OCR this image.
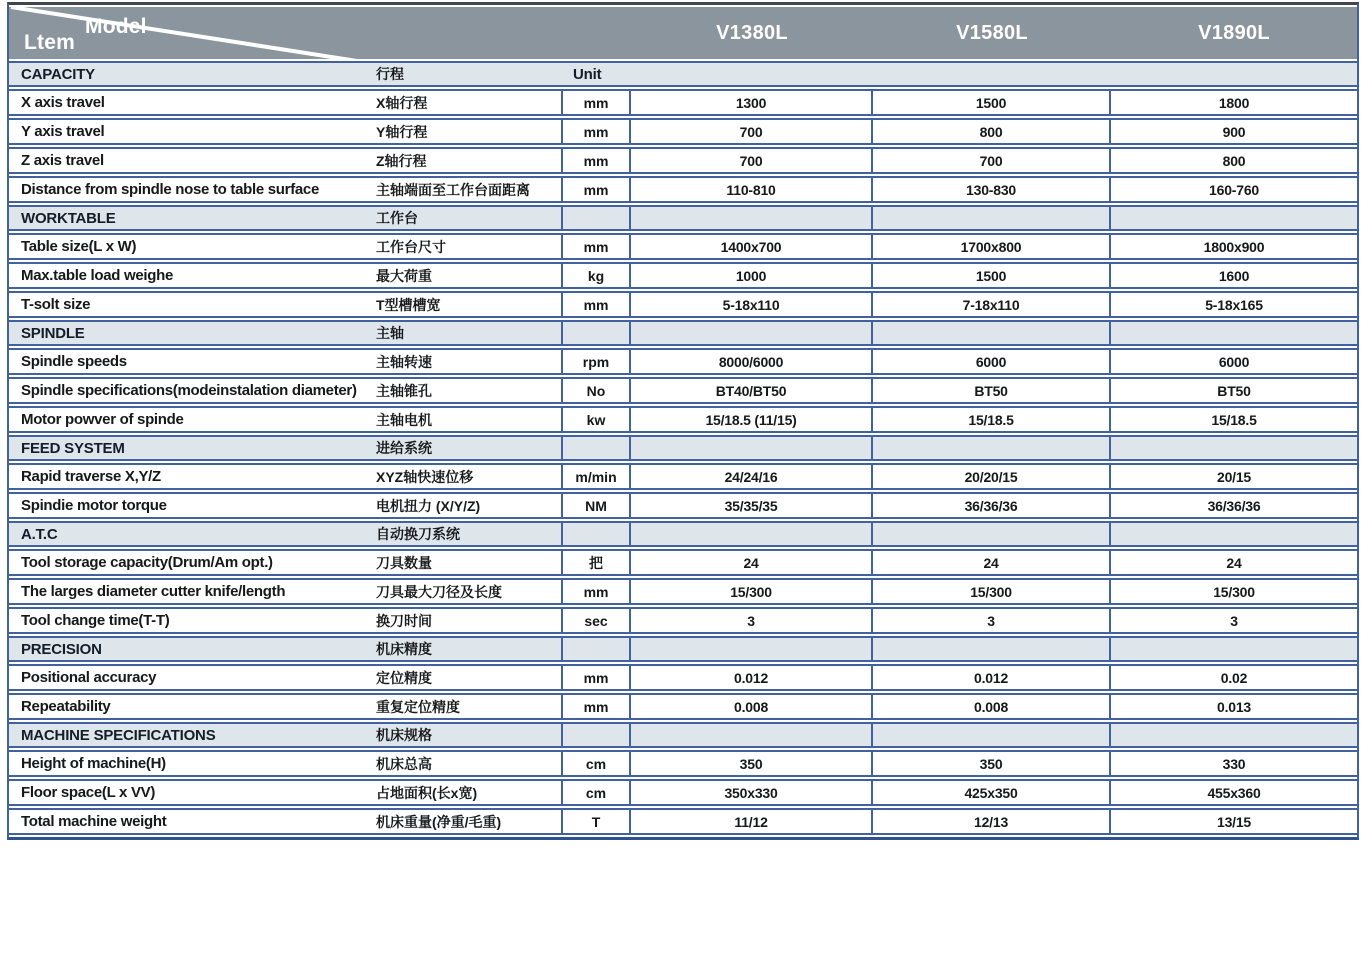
Model
Ltem			V1380L	V1580L	V1890L
CAPACITY	行程	Unit			
X axis travel	X轴行程	mm	1300	1500	1800
Y axis travel	Y轴行程	mm	700	800	900
Z axis travel	Z轴行程	mm	700	700	800
Distance from spindle nose to table surface	主轴端面至工作台面距离	mm	110-810	130-830	160-760
WORKTABLE	工作台				
Table size(L x W)	工作台尺寸	mm	1400x700	1700x800	1800x900
Max.table load weighe	最大荷重	kg	1000	1500	1600
T-solt size	T型槽槽宽	mm	5-18x110	7-18x110	5-18x165
SPINDLE	主轴				
Spindle speeds	主轴转速	rpm	8000/6000	6000	6000
Spindle specifications(modeinstalation diameter)	主轴锥孔	No	BT40/BT50	BT50	BT50
Motor powver of spinde	主轴电机	kw	15/18.5 (11/15)	15/18.5	15/18.5
FEED SYSTEM	进给系统				
Rapid traverse X,Y/Z	XYZ轴快速位移	m/min	24/24/16	20/20/15	20/15
Spindie motor torque	电机扭力 (X/Y/Z)	NM	35/35/35	36/36/36	36/36/36
A.T.C	自动换刀系统				
Tool storage capacity(Drum/Am opt.)	刀具数量	把	24	24	24
The larges diameter cutter knife/length	刀具最大刀径及长度	mm	15/300	15/300	15/300
Tool change time(T-T)	换刀时间	sec	3	3	3
PRECISION	机床精度				
Positional accuracy	定位精度	mm	0.012	0.012	0.02
Repeatability	重复定位精度	mm	0.008	0.008	0.013
MACHINE SPECIFICATIONS	机床规格				
Height of machine(H)	机床总高	cm	350	350	330
Floor space(L x VV)	占地面积(长x宽)	cm	350x330	425x350	455x360
Total machine weight	机床重量(净重/毛重)	T	11/12	12/13	13/15
